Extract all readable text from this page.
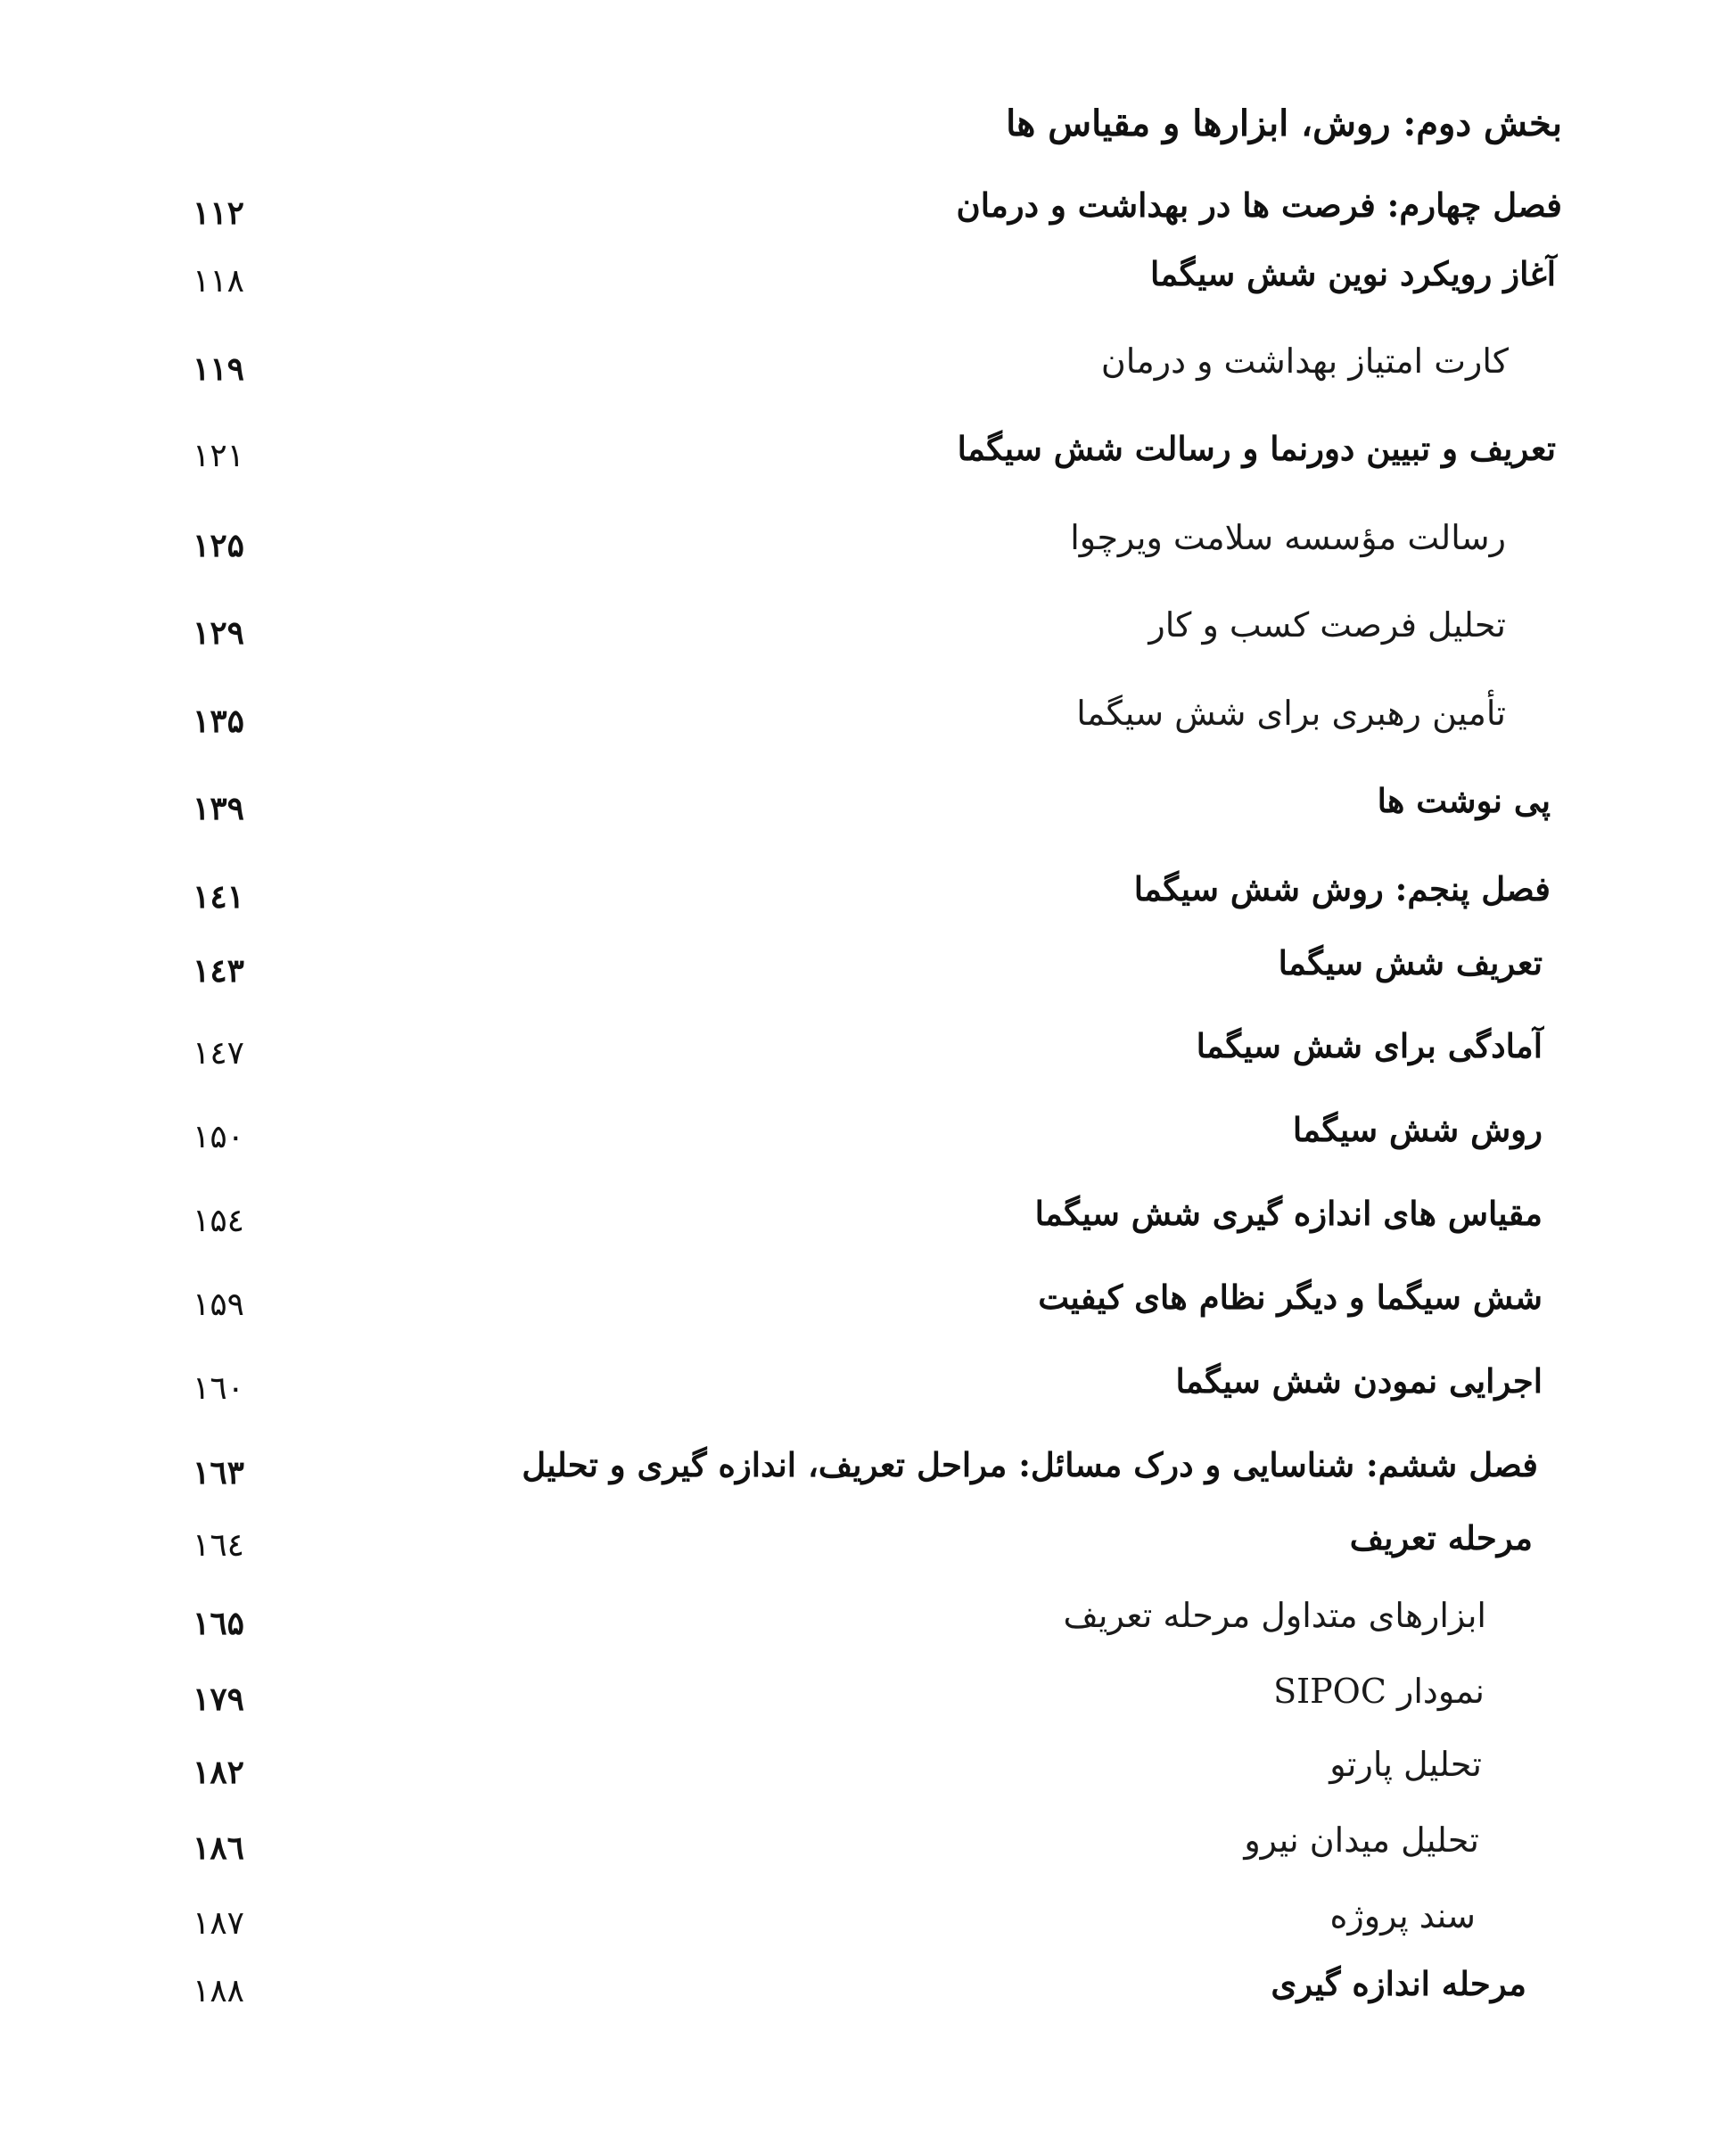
بخش دوم: روش، ابزارها و مقیاس ها
فصل چهارم: فرصت ها در بهداشت و درمان
۱۱۲
آغاز رویکرد نوین شش سیگما
۱۱۸
کارت امتیاز بهداشت و درمان
۱۱۹
تعریف و تبیین دورنما و رسالت شش سیگما
۱۲۱
رسالت مؤسسه سلامت ویرچوا
۱۲۵
تحلیل فرصت کسب و کار
۱۲۹
تأمین رهبری برای شش سیگما
۱۳۵
پی نوشت ها
۱۳۹
فصل پنجم: روش شش سیگما
۱٤۱
تعریف شش سیگما
۱٤۳
آمادگی برای شش سیگما
۱٤۷
روش شش سیگما
۱۵۰
مقیاس های اندازه گیری شش سیگما
۱۵٤
شش سیگما و دیگر نظام های کیفیت
۱۵۹
اجرایی نمودن شش سیگما
۱٦۰
فصل ششم: شناسایی و درک مسائل: مراحل تعریف، اندازه گیری و تحلیل
۱٦۳
مرحله تعریف
۱٦٤
ابزارهای متداول مرحله تعریف
۱٦۵
نمودار SIPOC
۱۷۹
تحلیل پارتو
۱۸۲
تحلیل میدان نیرو
۱۸٦
سند پروژه
۱۸۷
مرحله اندازه گیری
۱۸۸
